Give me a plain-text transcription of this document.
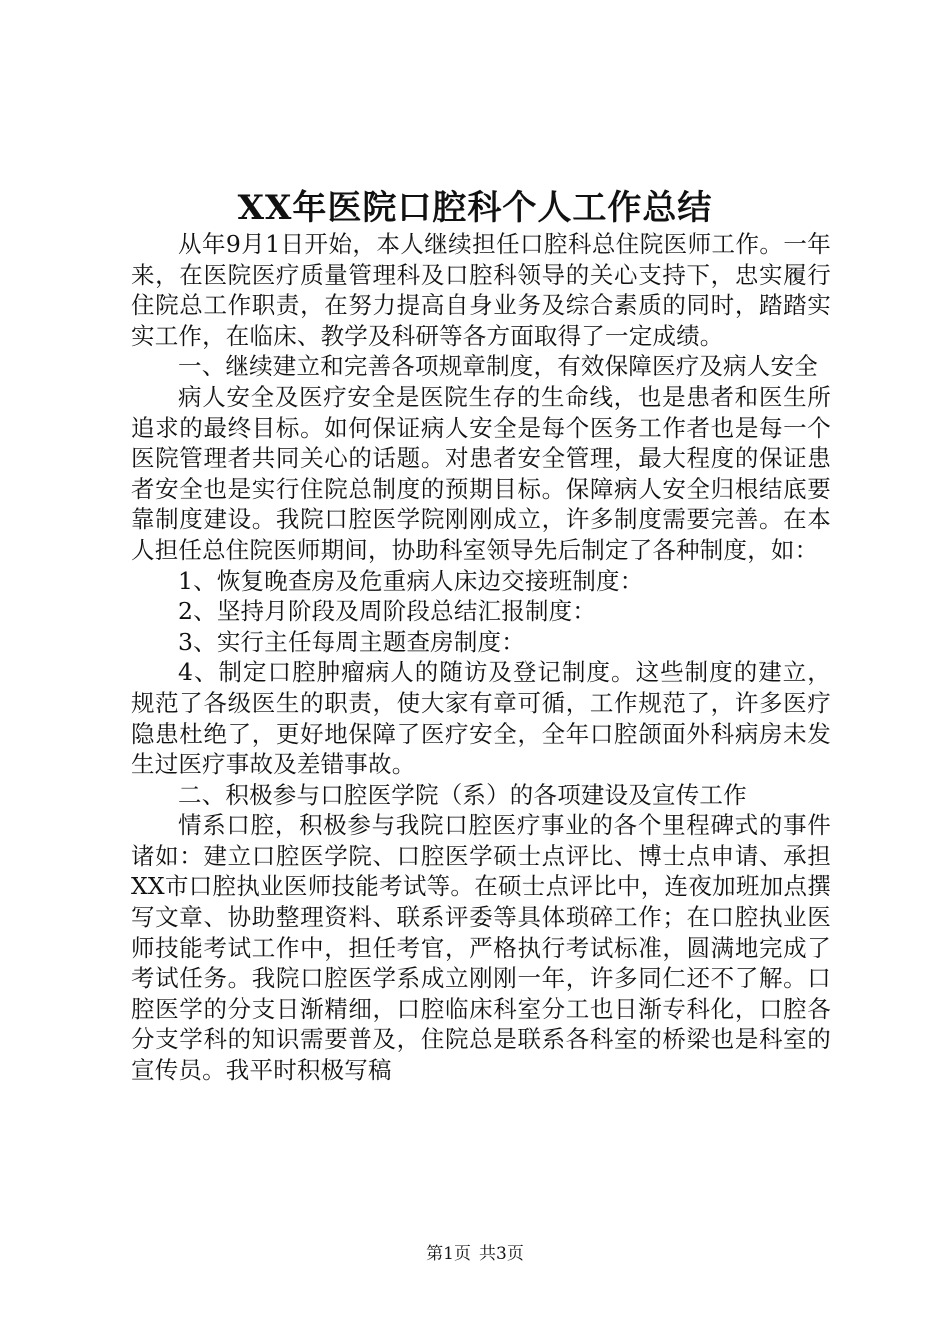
XX年医院口腔科个人工作总结

从年9月1日开始，本人继续担任口腔科总住院医师工作。一年来，在医院医疗质量管理科及口腔科领导的关心支持下，忠实履行住院总工作职责，在努力提高自身业务及综合素质的同时，踏踏实实工作，在临床、教学及科研等各方面取得了一定成绩。

一、继续建立和完善各项规章制度，有效保障医疗及病人安全

病人安全及医疗安全是医院生存的生命线，也是患者和医生所追求的最终目标。如何保证病人安全是每个医务工作者也是每一个医院管理者共同关心的话题。对患者安全管理，最大程度的保证患者安全也是实行住院总制度的预期目标。保障病人安全归根结底要靠制度建设。我院口腔医学院刚刚成立，许多制度需要完善。在本人担任总住院医师期间，协助科室领导先后制定了各种制度，如：

1、恢复晚查房及危重病人床边交接班制度：

2、坚持月阶段及周阶段总结汇报制度：

3、实行主任每周主题查房制度：

4、制定口腔肿瘤病人的随访及登记制度。这些制度的建立，规范了各级医生的职责，使大家有章可循，工作规范了，许多医疗隐患杜绝了，更好地保障了医疗安全，全年口腔颌面外科病房未发生过医疗事故及差错事故。

二、积极参与口腔医学院（系）的各项建设及宣传工作

情系口腔，积极参与我院口腔医疗事业的各个里程碑式的事件诸如：建立口腔医学院、口腔医学硕士点评比、博士点申请、承担XX市口腔执业医师技能考试等。在硕士点评比中，连夜加班加点撰写文章、协助整理资料、联系评委等具体琐碎工作；在口腔执业医师技能考试工作中，担任考官，严格执行考试标准，圆满地完成了考试任务。我院口腔医学系成立刚刚一年，许多同仁还不了解。口腔医学的分支日渐精细，口腔临床科室分工也日渐专科化，口腔各分支学科的知识需要普及，住院总是联系各科室的桥梁也是科室的宣传员。我平时积极写稿

第1页 共3页
